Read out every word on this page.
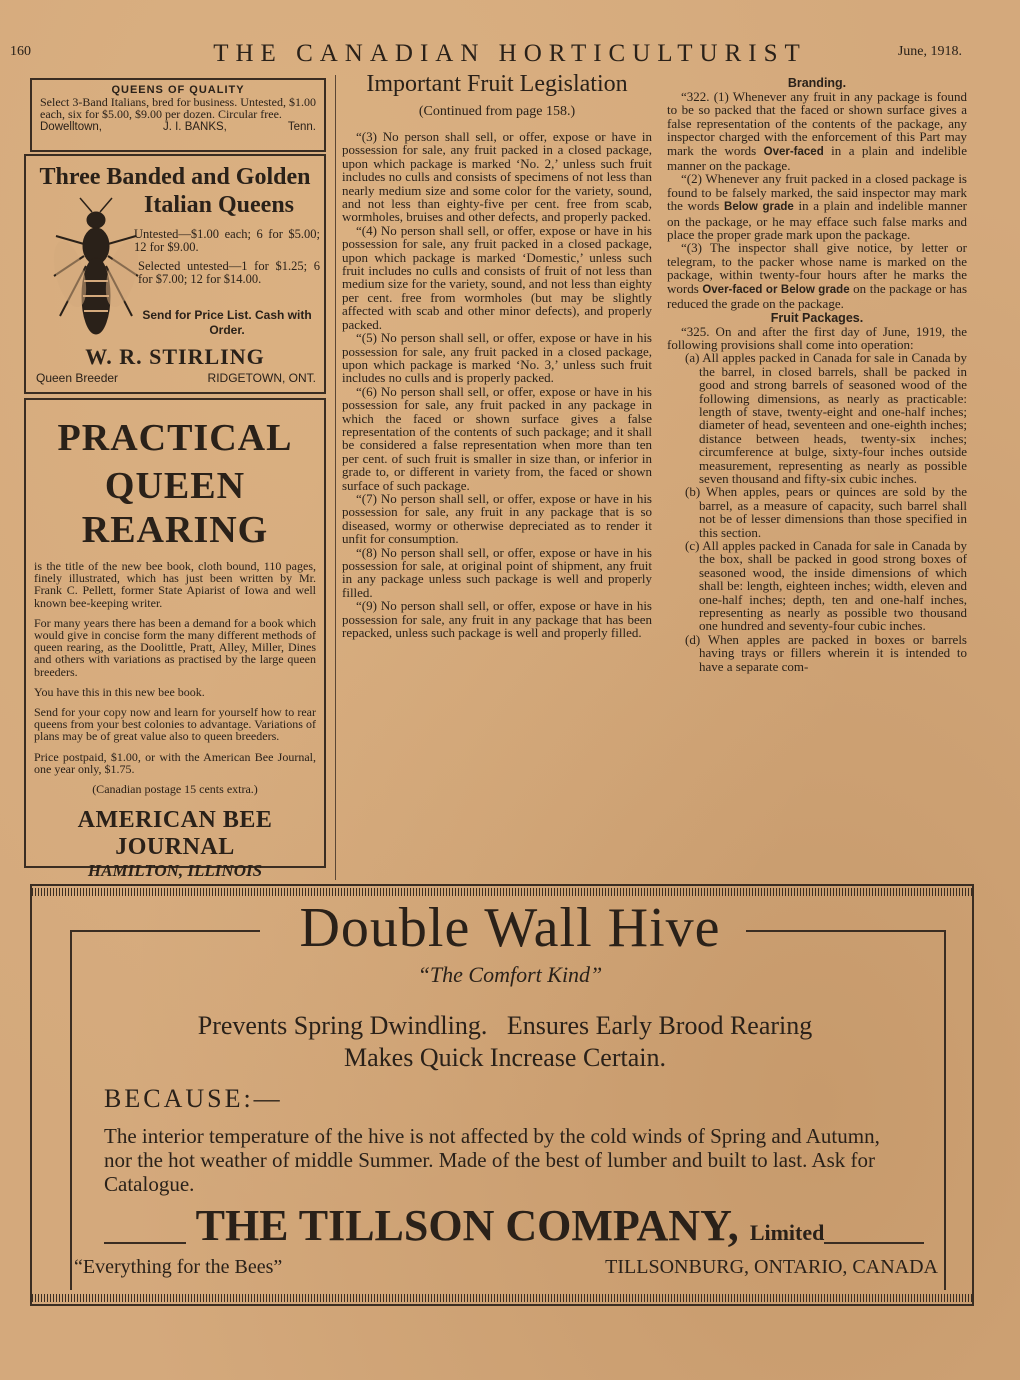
160	THE CANADIAN HORTICULTURIST	June, 1918.
QUEENS OF QUALITY
Select 3-Band Italians, bred for business. Untested, $1.00 each, six for $5.00, $9.00 per dozen. Circular free.
Dowelltown,	J. I. BANKS,	Tenn.
Three Banded and Golden
Italian Queens
Untested—$1.00 each; 6 for $5.00; 12 for $9.00.
Selected untested—1 for $1.25; 6 for $7.00; 12 for $14.00.
Send for Price List. Cash with Order.
W. R. STIRLING
Queen Breeder	RIDGETOWN, ONT.
PRACTICAL
QUEEN REARING
is the title of the new bee book, cloth bound, 110 pages, finely illustrated, which has just been written by Mr. Frank C. Pellett, former State Apiarist of Iowa and well known bee-keeping writer.
For many years there has been a demand for a book which would give in concise form the many different methods of queen rearing, as the Doolittle, Pratt, Alley, Miller, Dines and others with variations as practised by the large queen breeders.
You have this in this new bee book.
Send for your copy now and learn for yourself how to rear queens from your best colonies to advantage. Variations of plans may be of great value also to queen breeders.
Price postpaid, $1.00, or with the American Bee Journal, one year only, $1.75.
(Canadian postage 15 cents extra.)
AMERICAN BEE JOURNAL
HAMILTON, ILLINOIS
Important Fruit Legislation
(Continued from page 158.)

“(3) No person shall sell, or offer, expose or have in possession for sale, any fruit packed in a closed package, upon which package is marked ‘No. 2,’ unless such fruit includes no culls and consists of specimens of not less than nearly medium size and some color for the variety, sound, and not less than eighty-five per cent. free from scab, wormholes, bruises and other defects, and properly packed.

“(4) No person shall sell, or offer, expose or have in his possession for sale, any fruit packed in a closed package, upon which package is marked ‘Domestic,’ unless such fruit includes no culls and consists of fruit of not less than medium size for the variety, sound, and not less than eighty per cent. free from wormholes (but may be slightly affected with scab and other minor defects), and properly packed.

“(5) No person shall sell, or offer, expose or have in his possession for sale, any fruit packed in a closed package, upon which package is marked ‘No. 3,’ unless such fruit includes no culls and is properly packed.

“(6) No person shall sell, or offer, expose or have in his possession for sale, any fruit packed in any package in which the faced or shown surface gives a false representation of the contents of such package; and it shall be considered a false representation when more than ten per cent. of such fruit is smaller in size than, or inferior in grade to, or different in variety from, the faced or shown surface of such package.

“(7) No person shall sell, or offer, expose or have in his possession for sale, any fruit in any package that is so diseased, wormy or otherwise depreciated as to render it unfit for consumption.

“(8) No person shall sell, or offer, expose or have in his possession for sale, at original point of shipment, any fruit in any package unless such package is well and properly filled.

“(9) No person shall sell, or offer, expose or have in his possession for sale, any fruit in any package that has been repacked, unless such package is well and properly filled.

Branding.

“322. (1) Whenever any fruit in any package is found to be so packed that the faced or shown surface gives a false representation of the contents of the package, any inspector charged with the enforcement of this Part may mark the words Over-faced in a plain and indelible manner on the package.

“(2) Whenever any fruit packed in a closed package is found to be falsely marked, the said inspector may mark the words Below grade in a plain and indelible manner on the package, or he may efface such false marks and place the proper grade mark upon the package.

“(3) The inspector shall give notice, by letter or telegram, to the packer whose name is marked on the package, within twenty-four hours after he marks the words Over-faced or Below grade on the package or has reduced the grade on the package.

Fruit Packages.

“325. On and after the first day of June, 1919, the following provisions shall come into operation:

(a) All apples packed in Canada for sale in Canada by the barrel, in closed barrels, shall be packed in good and strong barrels of seasoned wood of the following dimensions, as nearly as practicable: length of stave, twenty-eight and one-half inches; diameter of head, seventeen and one-eighth inches; distance between heads, twenty-six inches; circumference at bulge, sixty-four inches outside measurement, representing as nearly as possible seven thousand and fifty-six cubic inches.
(b) When apples, pears or quinces are sold by the barrel, as a measure of capacity, such barrel shall not be of lesser dimensions than those specified in this section.
(c) All apples packed in Canada for sale in Canada by the box, shall be packed in good strong boxes of seasoned wood, the inside dimensions of which shall be: length, eighteen inches; width, eleven and one-half inches; depth, ten and one-half inches, representing as nearly as possible two thousand one hundred and seventy-four cubic inches.
(d) When apples are packed in boxes or barrels having trays or fillers wherein it is intended to have a separate com-
Double Wall Hive
“The Comfort Kind”
Prevents Spring Dwindling.   Ensures Early Brood Rearing
Makes Quick Increase Certain.
BECAUSE:—
The interior temperature of the hive is not affected by the cold winds of Spring and Autumn, nor the hot weather of middle Summer. Made of the best of lumber and built to last. Ask for Catalogue.
THE TILLSON COMPANY, Limited
“Everything for the Bees”	TILLSONBURG, ONTARIO, CANADA
